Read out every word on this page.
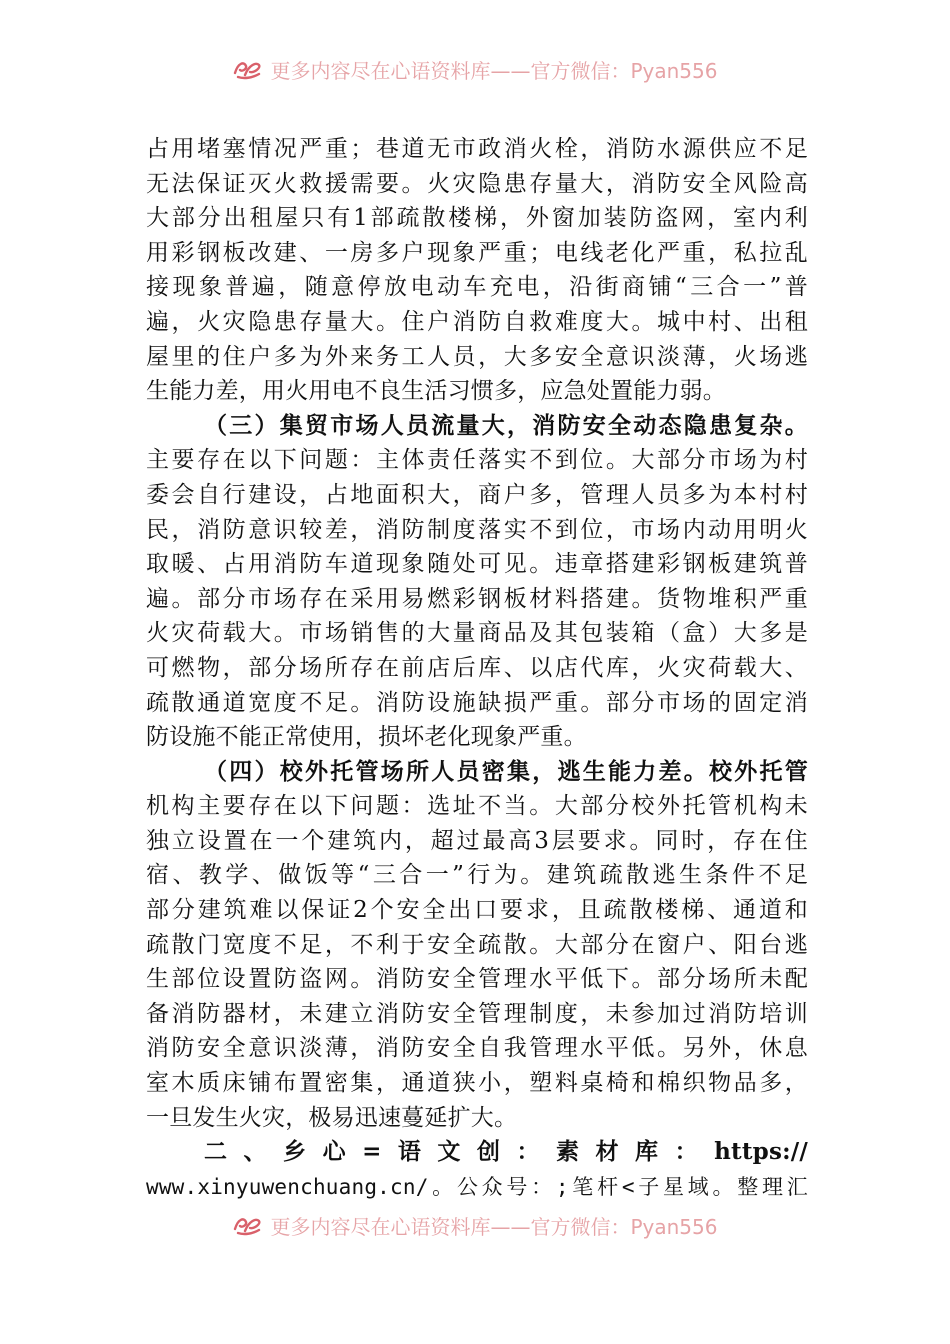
更多内容尽在心语资料库——官方微信：Pyan556
占用堵塞情况严重；巷道无市政消火栓，消防水源供应不足
无法保证灭火救援需要。火灾隐患存量大，消防安全风险高
大部分出租屋只有1部疏散楼梯，外窗加装防盗网，室内利
用彩钢板改建、一房多户现象严重；电线老化严重，私拉乱
接现象普遍，随意停放电动车充电，沿街商铺“三合一”普
遍，火灾隐患存量大。住户消防自救难度大。城中村、出租
屋里的住户多为外来务工人员，大多安全意识淡薄，火场逃
生能力差，用火用电不良生活习惯多，应急处置能力弱。
（三）集贸市场人员流量大，消防安全动态隐患复杂。
主要存在以下问题：主体责任落实不到位。大部分市场为村
委会自行建设，占地面积大，商户多，管理人员多为本村村
民，消防意识较差，消防制度落实不到位，市场内动用明火
取暖、占用消防车道现象随处可见。违章搭建彩钢板建筑普
遍。部分市场存在采用易燃彩钢板材料搭建。货物堆积严重
火灾荷载大。市场销售的大量商品及其包装箱（盒）大多是
可燃物，部分场所存在前店后库、以店代库，火灾荷载大、
疏散通道宽度不足。消防设施缺损严重。部分市场的固定消
防设施不能正常使用，损坏老化现象严重。
（四）校外托管场所人员密集，逃生能力差。校外托管
机构主要存在以下问题：选址不当。大部分校外托管机构未
独立设置在一个建筑内，超过最高3层要求。同时，存在住
宿、教学、做饭等“三合一”行为。建筑疏散逃生条件不足
部分建筑难以保证2个安全出口要求，且疏散楼梯、通道和
疏散门宽度不足，不利于安全疏散。大部分在窗户、阳台逃
生部位设置防盗网。消防安全管理水平低下。部分场所未配
备消防器材，未建立消防安全管理制度，未参加过消防培训
消防安全意识淡薄，消防安全自我管理水平低。另外，休息
室木质床铺布置密集，通道狭小，塑料桌椅和棉织物品多，
一旦发生火灾，极易迅速蔓延扩大。
二、乡心=语文创：素材库：https://
www.xinyuwenchuang.cn/。公众号：;笔杆<子星域。整理汇
更多内容尽在心语资料库——官方微信：Pyan556
